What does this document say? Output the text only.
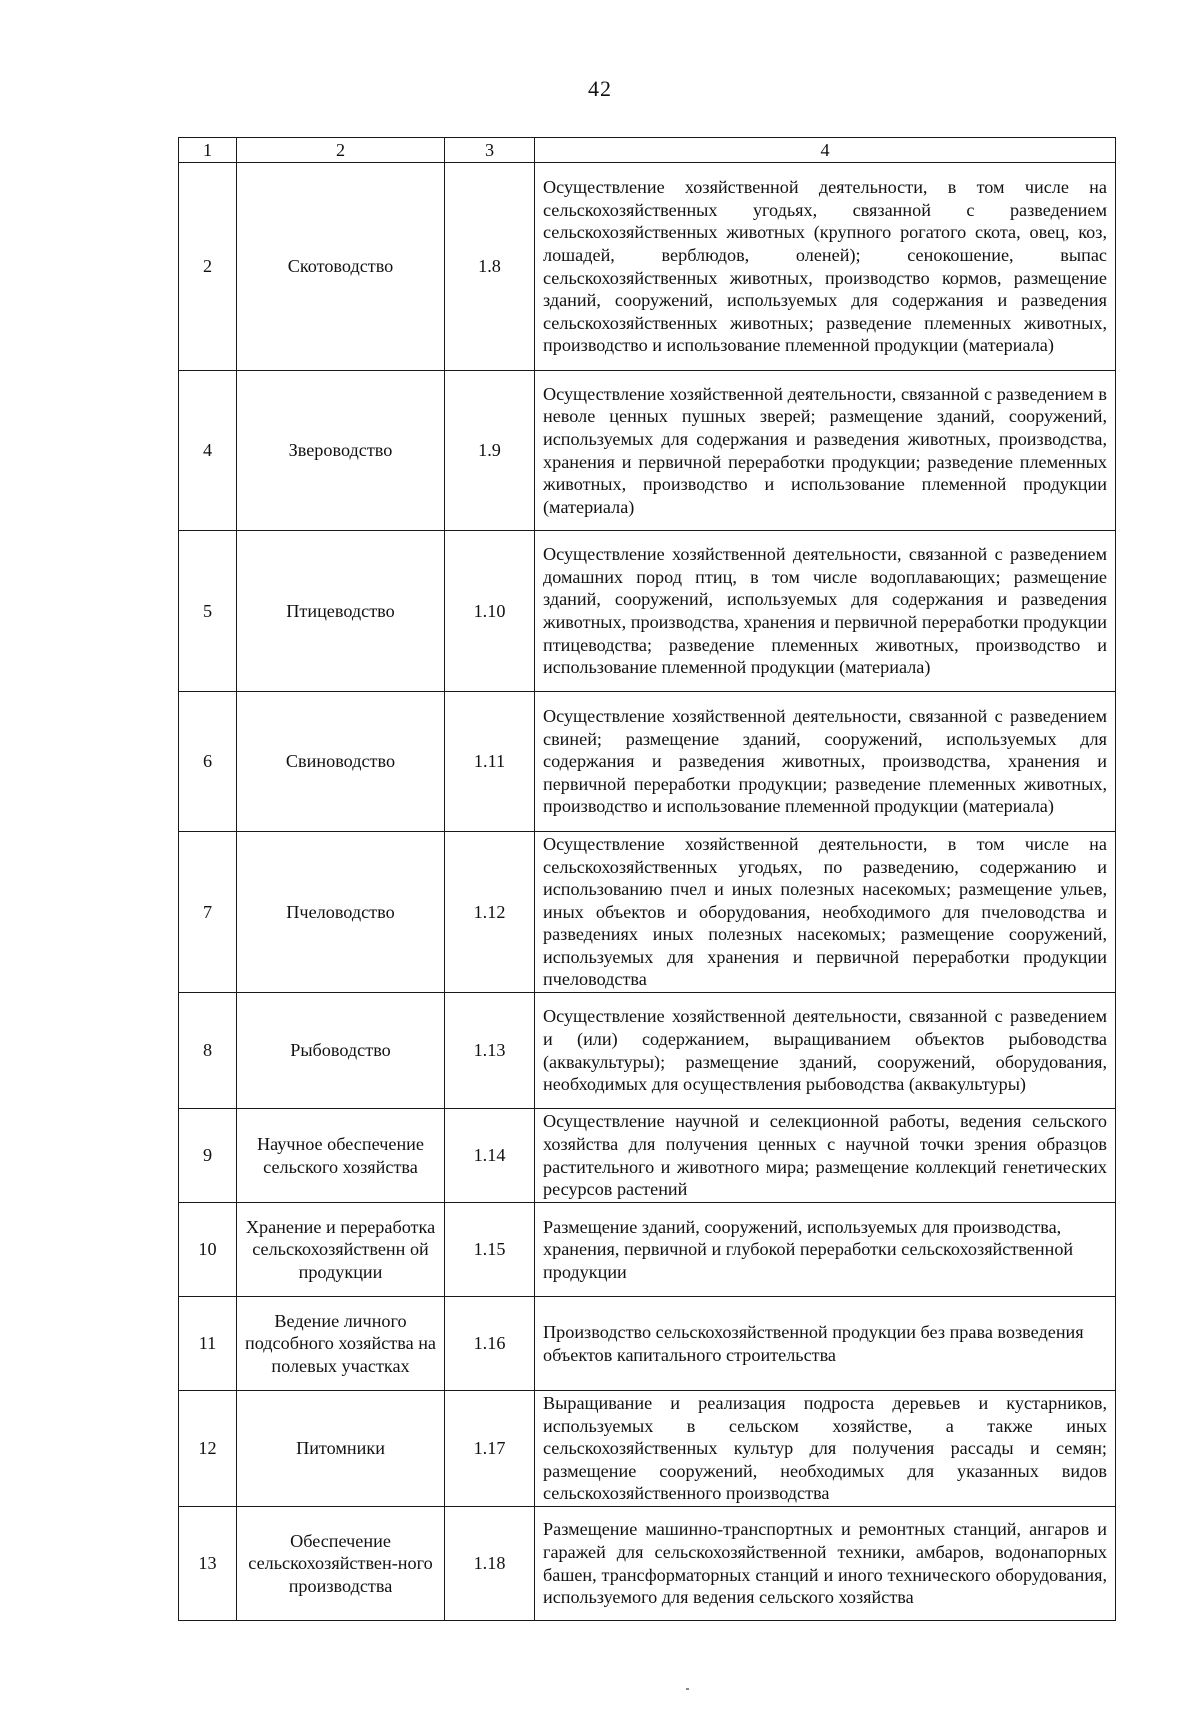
42
1	2	3	4
2	Скотоводство	1.8	Осуществление хозяйственной деятельности, в том числе на сельскохозяйственных угодьях, связанной с разведением сельскохозяйственных животных (крупного рогатого скота, овец, коз, лошадей, верблюдов, оленей); сенокошение, выпас сельскохозяйственных животных, производство кормов, размещение зданий, сооружений, используемых для содержания и разведения сельскохозяйственных животных; разведение племенных животных, производство и использование племенной продукции (материала)
4	Звероводство	1.9	Осуществление хозяйственной деятельности, связанной с разведением в неволе ценных пушных зверей; размещение зданий, сооружений, используемых для содержания и разведения животных, производства, хранения и первичной переработки продукции; разведение племенных животных, производство и использование племенной продукции (материала)
5	Птицеводство	1.10	Осуществление хозяйственной деятельности, связанной с разведением домашних пород птиц, в том числе водоплавающих; размещение зданий, сооружений, используемых для содержания и разведения животных, производства, хранения и первичной переработки продукции птицеводства; разведение племенных животных, производство и использование племенной продукции (материала)
6	Свиноводство	1.11	Осуществление хозяйственной деятельности, связанной с разведением свиней; размещение зданий, сооружений, используемых для содержания и разведения животных, производства, хранения и первичной переработки продукции; разведение племенных животных, производство и использование племенной продукции (материала)
7	Пчеловодство	1.12	Осуществление хозяйственной деятельности, в том числе на сельскохозяйственных угодьях, по разведению, содержанию и использованию пчел и иных полезных насекомых; размещение ульев, иных объектов и оборудования, необходимого для пчеловодства и разведениях иных полезных насекомых; размещение сооружений, используемых для хранения и первичной переработки продукции пчеловодства
8	Рыбоводство	1.13	Осуществление хозяйственной деятельности, связанной с разведением и (или) содержанием, выращиванием объектов рыбоводства (аквакультуры); размещение зданий, сооружений, оборудования, необходимых для осуществления рыбоводства (аквакультуры)
9	Научное обеспечение сельского хозяйства	1.14	Осуществление научной и селекционной работы, ведения сельского хозяйства для получения ценных с научной точки зрения образцов растительного и животного мира; размещение коллекций генетических ресурсов растений
10	Хранение и переработка сельскохозяйственн ой продукции	1.15	Размещение зданий, сооружений, используемых для производства, хранения, первичной и глубокой переработки сельскохозяйственной продукции
11	Ведение личного подсобного хозяйства на полевых участках	1.16	Производство сельскохозяйственной продукции без права возведения объектов капитального строительства
12	Питомники	1.17	Выращивание и реализация подроста деревьев и кустарников, используемых в сельском хозяйстве, а также иных сельскохозяйственных культур для получения рассады и семян; размещение сооружений, необходимых для указанных видов сельскохозяйственного производства
13	Обеспечение сельскохозяйствен-ного производства	1.18	Размещение машинно-транспортных и ремонтных станций, ангаров и гаражей для сельскохозяйственной техники, амбаров, водонапорных башен, трансформаторных станций и иного технического оборудования, используемого для ведения сельского хозяйства
